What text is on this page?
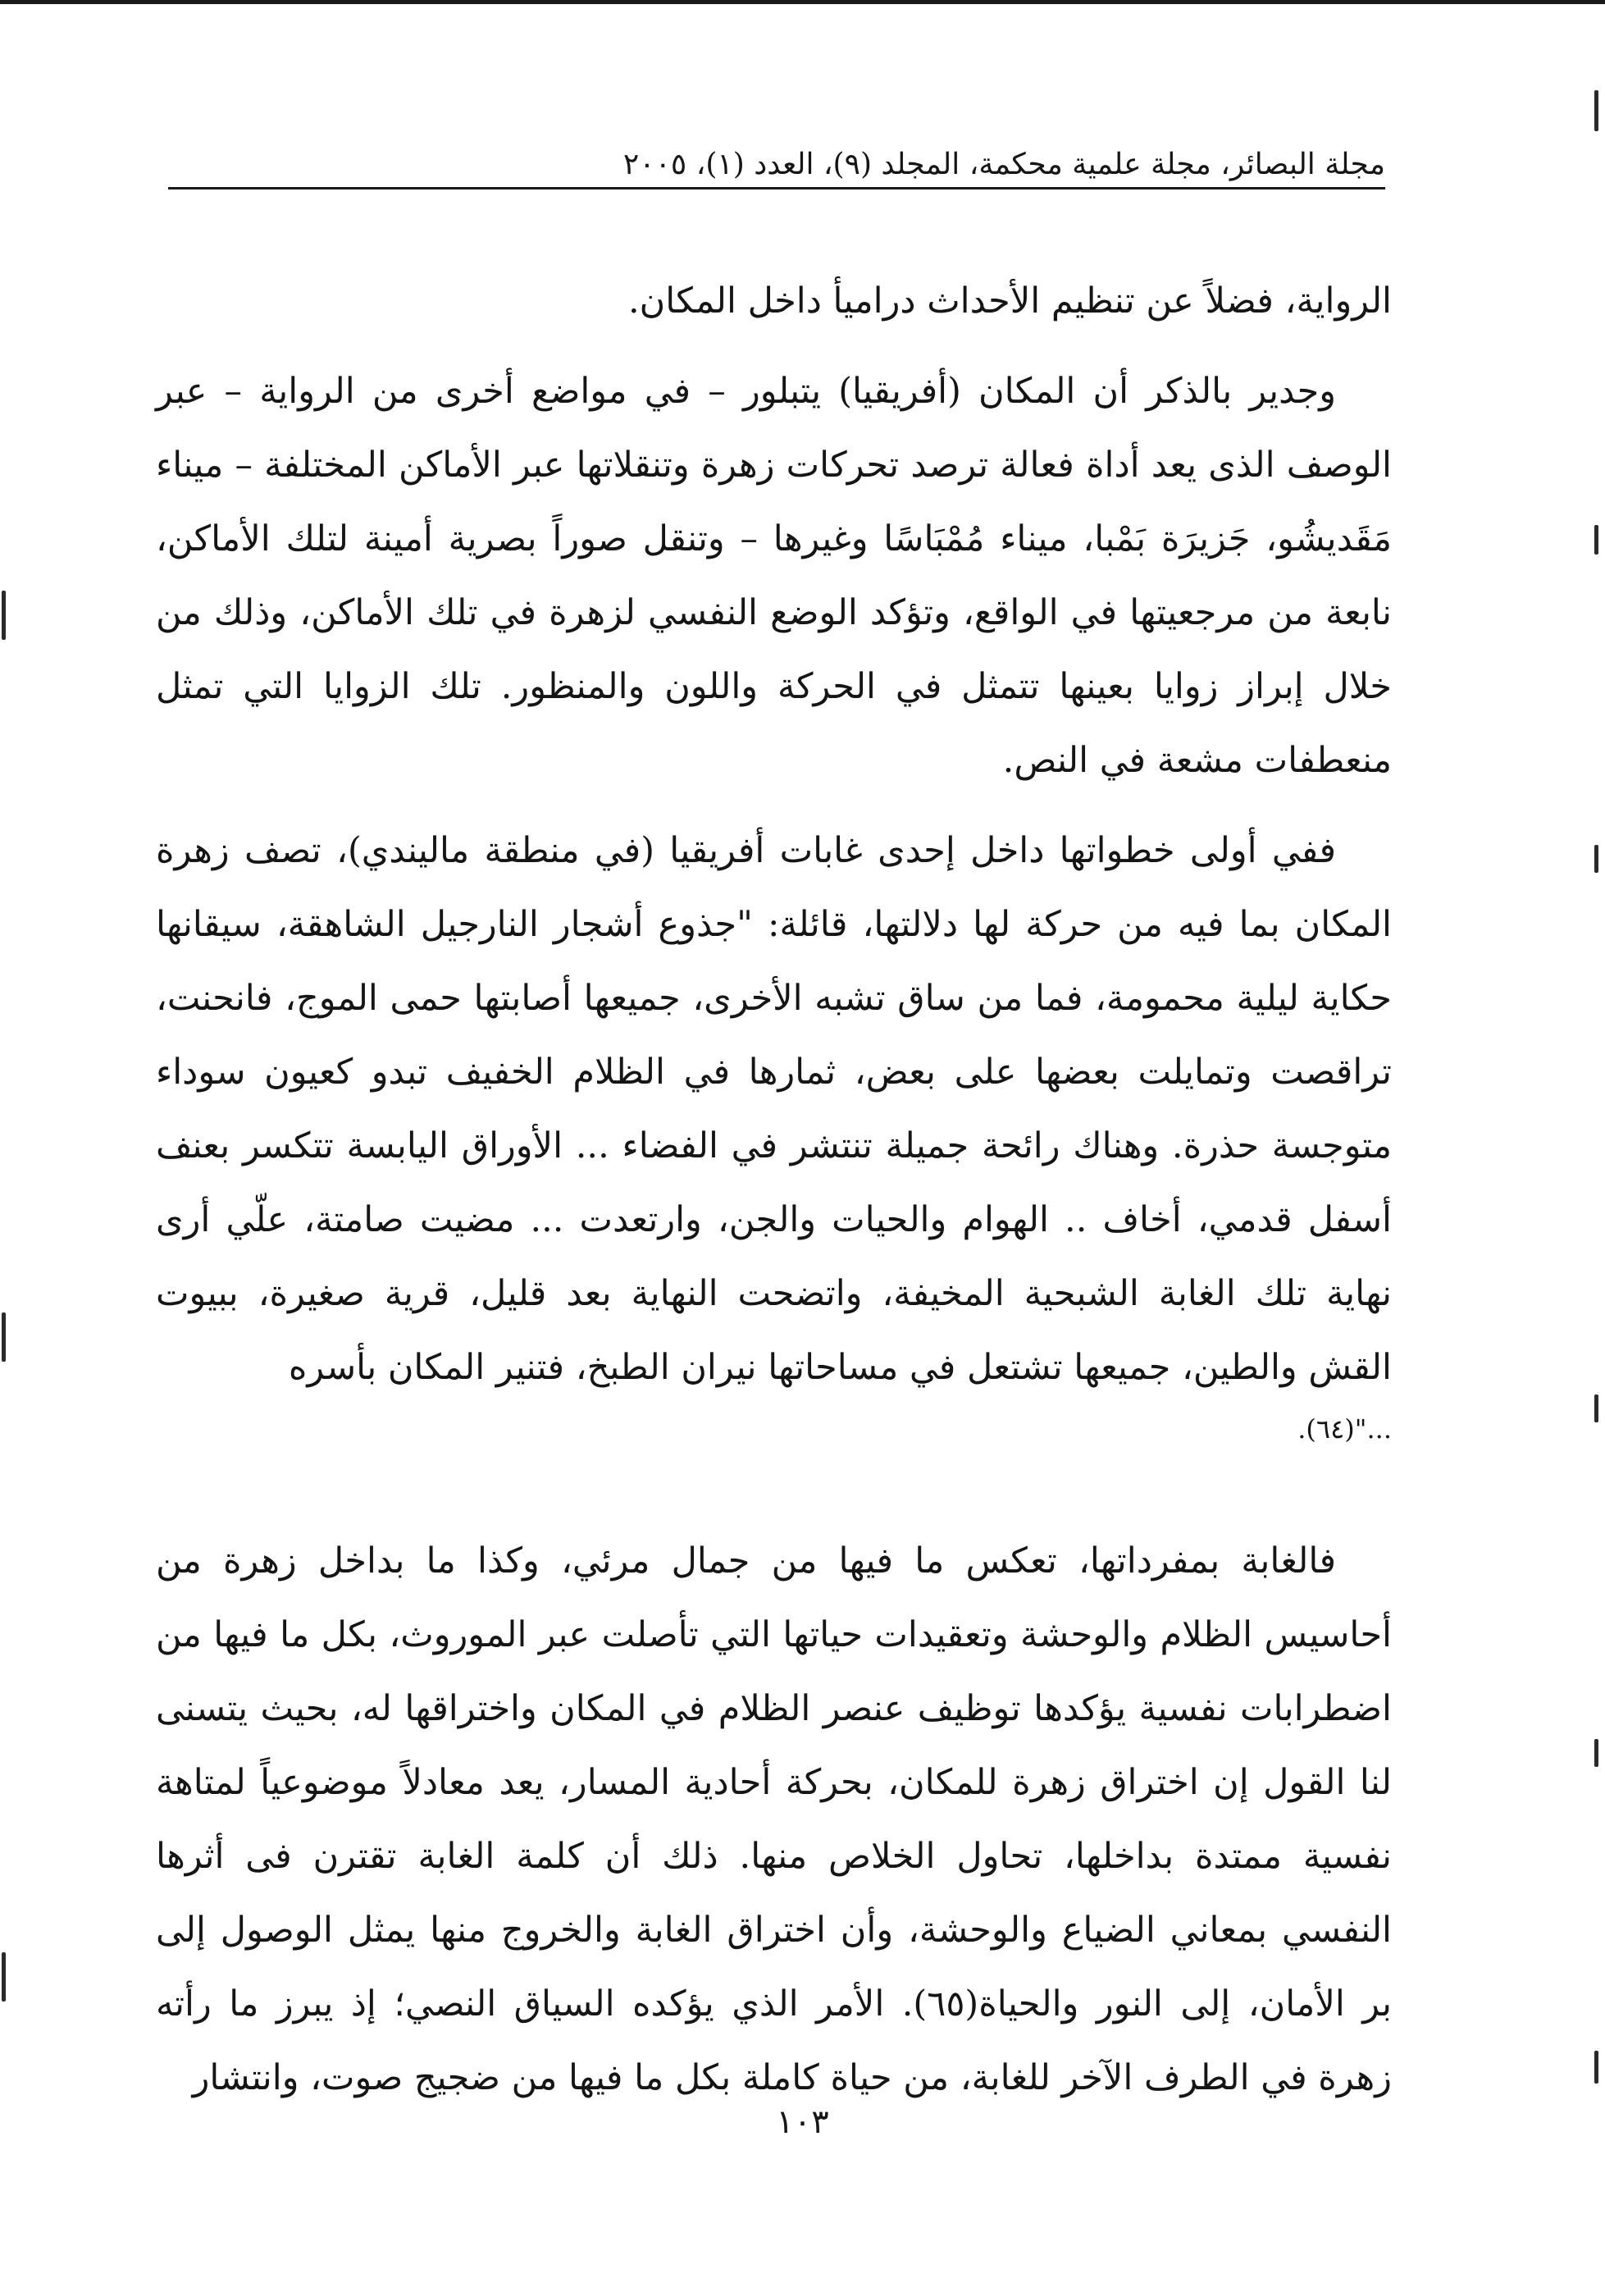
مجلة البصائر، مجلة علمية محكمة، المجلد (٩)، العدد (١)، ٢٠٠٥

الرواية، فضلاً عن تنظيم الأحداث دراميأ داخل المكان.

وجدير بالذكر أن المكان (أفريقيا) يتبلور – في مواضع أخرى من الرواية – عبر الوصف الذى يعد أداة فعالة ترصد تحركات زهرة وتنقلاتها عبر الأماكن المختلفة – ميناء مَقَديشُو، جَزيرَة بَمْبا، ميناء مُمْبَاسًا وغيرها – وتنقل صوراً بصرية أمينة لتلك الأماكن، نابعة من مرجعيتها في الواقع، وتؤكد الوضع النفسي لزهرة في تلك الأماكن، وذلك من خلال إبراز زوايا بعينها تتمثل في الحركة واللون والمنظور. تلك الزوايا التي تمثل منعطفات مشعة في النص.

ففي أولى خطواتها داخل إحدى غابات أفريقيا (في منطقة ماليندي)، تصف زهرة المكان بما فيه من حركة لها دلالتها، قائلة: "جذوع أشجار النارجيل الشاهقة، سيقانها حكاية ليلية محمومة، فما من ساق تشبه الأخرى، جميعها أصابتها حمى الموج، فانحنت، تراقصت وتمايلت بعضها على بعض، ثمارها في الظلام الخفيف تبدو كعيون سوداء متوجسة حذرة. وهناك رائحة جميلة تنتشر في الفضاء ... الأوراق اليابسة تتكسر بعنف أسفل قدمي، أخاف .. الهوام والحيات والجن، وارتعدت ... مضيت صامتة، علّي أرى نهاية تلك الغابة الشبحية المخيفة، واتضحت النهاية بعد قليل، قرية صغيرة، ببيوت القش والطين، جميعها تشتعل في مساحاتها نيران الطبخ، فتنير المكان بأسره

..."(٦٤).

فالغابة بمفرداتها، تعكس ما فيها من جمال مرئي، وكذا ما بداخل زهرة من أحاسيس الظلام والوحشة وتعقيدات حياتها التي تأصلت عبر الموروث، بكل ما فيها من اضطرابات نفسية يؤكدها توظيف عنصر الظلام في المكان واختراقها له، بحيث يتسنى لنا القول إن اختراق زهرة للمكان، بحركة أحادية المسار، يعد معادلاً موضوعياً لمتاهة نفسية ممتدة بداخلها، تحاول الخلاص منها. ذلك أن كلمة الغابة تقترن فى أثرها النفسي بمعاني الضياع والوحشة، وأن اختراق الغابة والخروج منها يمثل الوصول إلى بر الأمان، إلى النور والحياة(٦٥). الأمر الذي يؤكده السياق النصي؛ إذ يبرز ما رأته زهرة في الطرف الآخر للغابة، من حياة كاملة بكل ما فيها من ضجيج صوت، وانتشار

١٠٣
